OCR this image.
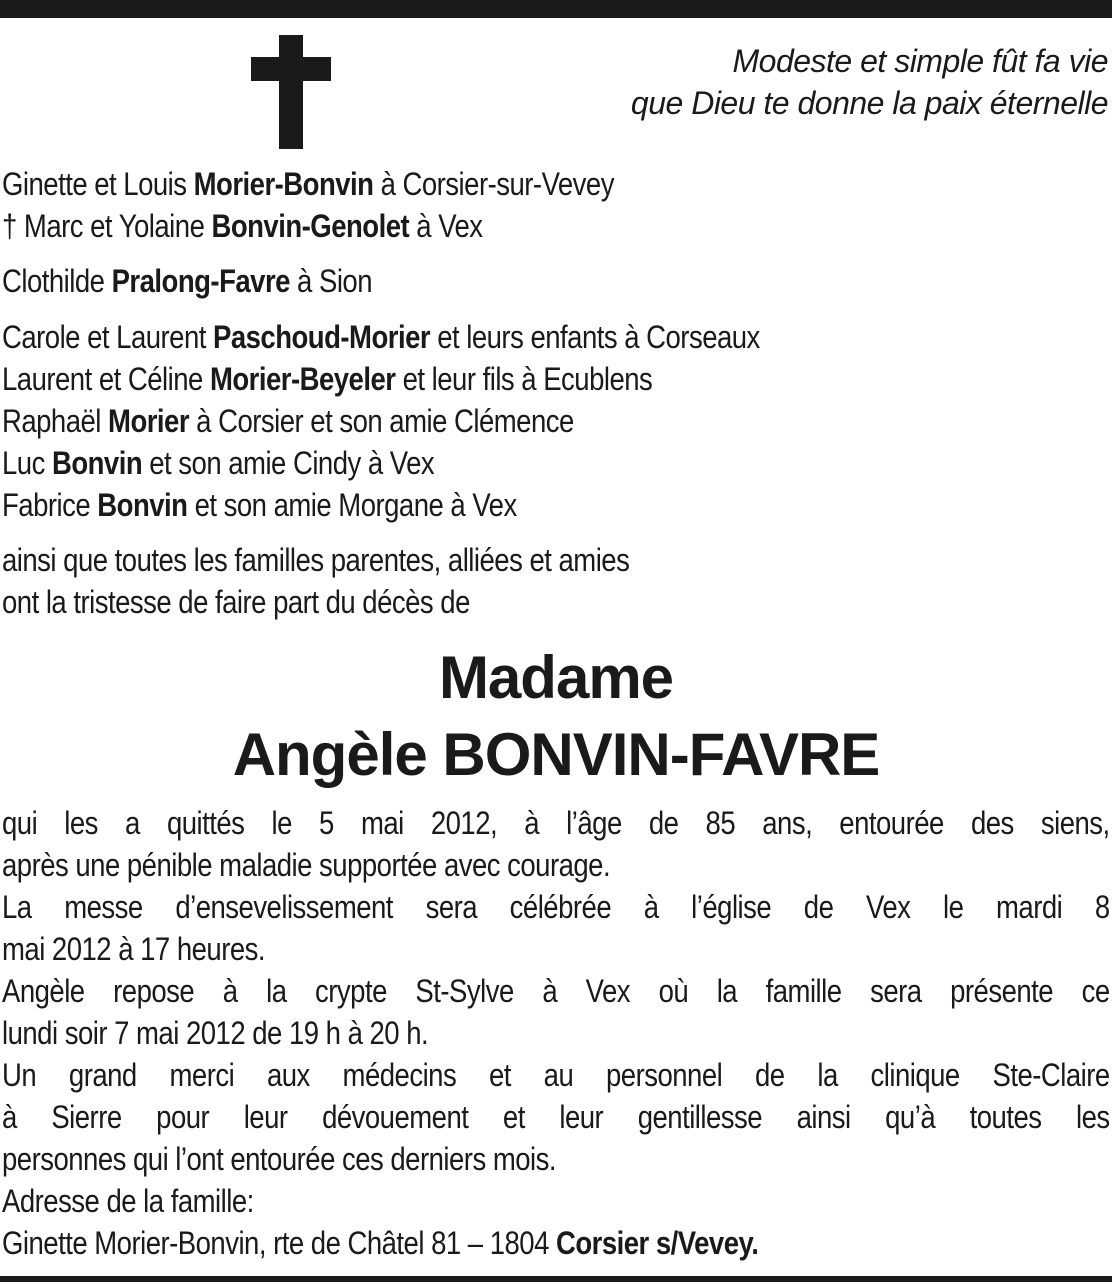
Modeste et simple fût fa vie
que Dieu te donne la paix éternelle
Ginette et Louis Morier-Bonvin à Corsier-sur-Vevey
† Marc et Yolaine Bonvin-Genolet à Vex
Clothilde Pralong-Favre à Sion
Carole et Laurent Paschoud-Morier et leurs enfants à Corseaux
Laurent et Céline Morier-Beyeler et leur fils à Ecublens
Raphaël Morier à Corsier et son amie Clémence
Luc Bonvin et son amie Cindy à Vex
Fabrice Bonvin et son amie Morgane à Vex
ainsi que toutes les familles parentes, alliées et amies
ont la tristesse de faire part du décès de
Madame
Angèle BONVIN-FAVRE
qui les a quittés le 5 mai 2012, à l’âge de 85 ans, entourée des siens,
après une pénible maladie supportée avec courage.
La messe d’ensevelissement sera célébrée à l’église de Vex le mardi 8
mai 2012 à 17 heures.
Angèle repose à la crypte St-Sylve à Vex où la famille sera présente ce
lundi soir 7 mai 2012 de 19 h à 20 h.
Un grand merci aux médecins et au personnel de la clinique Ste-Claire
à Sierre pour leur dévouement et leur gentillesse ainsi qu’à toutes les
personnes qui l’ont entourée ces derniers mois.
Adresse de la famille:
Ginette Morier-Bonvin, rte de Châtel 81 – 1804 Corsier s/Vevey.
